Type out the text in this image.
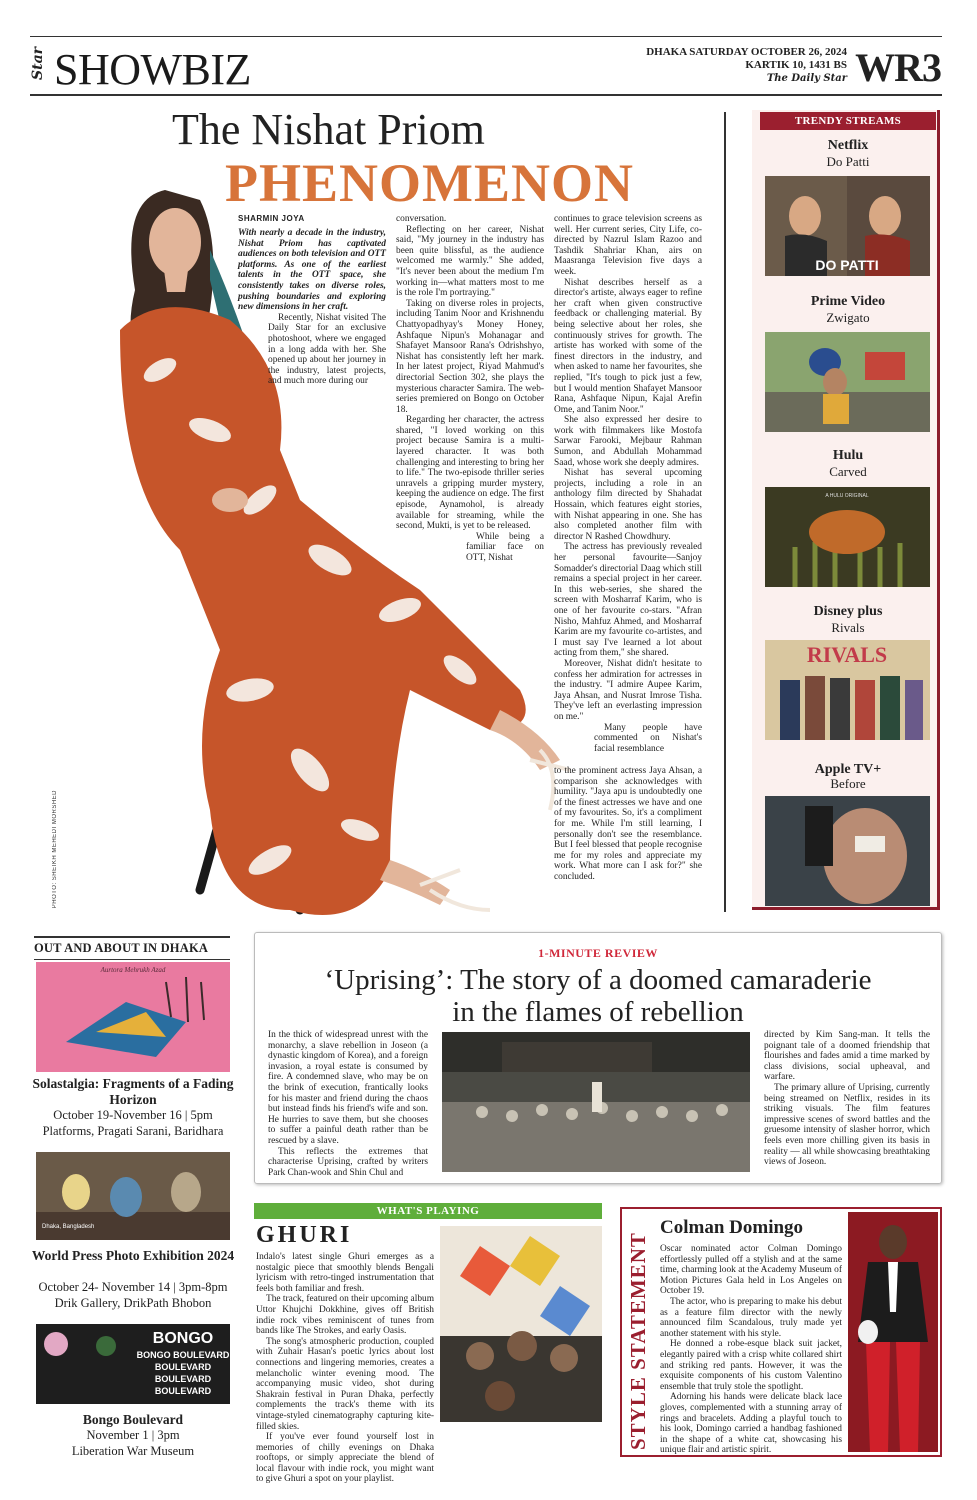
Star SHOWBIZ	DHAKA SATURDAY OCTOBER 26, 2024
KARTIK 10, 1431 BS
The Daily Star WR3
The Nishat Priom
PHENOMENON
SHARMIN JOYA
PHOTO: SHEIKH MEHEDI MORSHED

With nearly a decade in the industry, Nishat Priom has captivated audiences on both television and OTT platforms. As one of the earliest talents in the OTT space, she consistently takes on diverse roles, pushing boundaries and exploring new dimensions in her craft.

Recently, Nishat visited The Daily Star for an exclusive photoshoot, where we engaged in a long adda with her. She opened up about her journey in the industry, latest projects, and much more during our

conversation.

Reflecting on her career, Nishat said, "My journey in the industry has been quite blissful, as the audience welcomed me warmly." She added, "It's never been about the medium I'm working in—what matters most to me is the role I'm portraying."

Taking on diverse roles in projects, including Tanim Noor and Krishnendu Chattyopadhyay's Money Honey, Ashfaque Nipun's Mohanagar and Shafayet Mansoor Rana's Odrishshyo, Nishat has consistently left her mark. In her latest project, Riyad Mahmud's directorial Section 302, she plays the mysterious character Samira. The web-series premiered on Bongo on October 18.

Regarding her character, the actress shared, "I loved working on this project because Samira is a multi-layered character. It was both challenging and interesting to bring her to life." The two-episode thriller series unravels a gripping murder mystery, keeping the audience on edge. The first episode, Aynamohol, is already available for streaming, while the second, Mukti, is yet to be released.

While being a familiar face on OTT, Nishat

continues to grace television screens as well. Her current series, City Life, co-directed by Nazrul Islam Razoo and Tashdik Shahriar Khan, airs on Maasranga Television five days a week.

Nishat describes herself as a director's artiste, always eager to refine her craft when given constructive feedback or challenging material. By being selective about her roles, she continuously strives for growth. The artiste has worked with some of the finest directors in the industry, and when asked to name her favourites, she replied, "It's tough to pick just a few, but I would mention Shafayet Mansoor Rana, Ashfaque Nipun, Kajal Arefin Ome, and Tanim Noor."

She also expressed her desire to work with filmmakers like Mostofa Sarwar Farooki, Mejbaur Rahman Sumon, and Abdullah Mohammad Saad, whose work she deeply admires.

Nishat has several upcoming projects, including a role in an anthology film directed by Shahadat Hossain, which features eight stories, with Nishat appearing in one. She has also completed another film with director N Rashed Chowdhury.

The actress has previously revealed her personal favourite—Sanjoy Somadder's directorial Daag which still remains a special project in her career. In this web-series, she shared the screen with Mosharraf Karim, who is one of her favourite co-stars. "Afran Nisho, Mahfuz Ahmed, and Mosharraf Karim are my favourite co-artistes, and I must say I've learned a lot about acting from them," she shared.

Moreover, Nishat didn't hesitate to confess her admiration for actresses in the industry. "I admire Aupee Karim, Jaya Ahsan, and Nusrat Imrose Tisha. They've left an everlasting impression on me."

Many people have commented on Nishat's facial resemblance

to the prominent actress Jaya Ahsan, a comparison she acknowledges with humility. "Jaya apu is undoubtedly one of the finest actresses we have and one of my favourites. So, it's a compliment for me. While I'm still learning, I personally don't see the resemblance. But I feel blessed that people recognise me for my roles and appreciate my work. What more can I ask for?" she concluded.

TRENDY STREAMS
Netflix
Do Patti
DO PATTI
Prime Video
Zwigato
Hulu
Carved
A HULU ORIGINAL
Disney plus
Rivals
RIVALS
Apple TV+
Before
OUT AND ABOUT IN DHAKA
Aurtora Mehrukh Azad
Solastalgia: Fragments of a Fading Horizon
October 19-November 16 | 5pm
Platforms, Pragati Sarani, Baridhara
Dhaka, Bangladesh
World Press Photo Exhibition 2024
October 24- November 14 | 3pm-8pm
Drik Gallery, DrikPath Bhobon
BONGO
BONGO BOULEVARD
BOULEVARD
BOULEVARD
BOULEVARD
Bongo Boulevard
November 1 | 3pm
Liberation War Museum
1-MINUTE REVIEW
‘Uprising’: The story of a doomed camaraderie
in the flames of rebellion

In the thick of widespread unrest with the monarchy, a slave rebellion in Joseon (a dynastic kingdom of Korea), and a foreign invasion, a royal estate is consumed by fire. A condemned slave, who may be on the brink of execution, frantically looks for his master and friend during the chaos but instead finds his friend's wife and son. He hurries to save them, but she chooses to suffer a painful death rather than be rescued by a slave.

This reflects the extremes that characterise Uprising, crafted by writers Park Chan-wook and Shin Chul and

directed by Kim Sang-man. It tells the poignant tale of a doomed friendship that flourishes and fades amid a time marked by class divisions, social upheaval, and warfare.

The primary allure of Uprising, currently being streamed on Netflix, resides in its striking visuals. The film features impressive scenes of sword battles and the gruesome intensity of slasher horror, which feels even more chilling given its basis in reality — all while showcasing breathtaking views of Joseon.

WHAT'S PLAYING
GHURI

Indalo's latest single Ghuri emerges as a nostalgic piece that smoothly blends Bengali lyricism with retro-tinged instrumentation that feels both familiar and fresh.

The track, featured on their upcoming album Uttor Khujchi Dokkhine, gives off British indie rock vibes reminiscent of tunes from bands like The Strokes, and early Oasis.

The song's atmospheric production, coupled with Zuhair Hasan's poetic lyrics about lost connections and lingering memories, creates a melancholic winter evening mood. The accompanying music video, shot during Shakrain festival in Puran Dhaka, perfectly complements the track's theme with its vintage-styled cinematography capturing kite-filled skies.

If you've ever found yourself lost in memories of chilly evenings on Dhaka rooftops, or simply appreciate the blend of local flavour with indie rock, you might want to give Ghuri a spot on your playlist.

STYLE STATEMENT
Colman Domingo

Oscar nominated actor Colman Domingo effortlessly pulled off a stylish and at the same time, charming look at the Academy Museum of Motion Pictures Gala held in Los Angeles on October 19.

The actor, who is preparing to make his debut as a feature film director with the newly announced film Scandalous, truly made yet another statement with his style.

He donned a robe-esque black suit jacket, elegantly paired with a crisp white collared shirt and striking red pants. However, it was the exquisite components of his custom Valentino ensemble that truly stole the spotlight.

Adorning his hands were delicate black lace gloves, complemented with a stunning array of rings and bracelets. Adding a playful touch to his look, Domingo carried a handbag fashioned in the shape of a white cat, showcasing his unique flair and artistic spirit.
